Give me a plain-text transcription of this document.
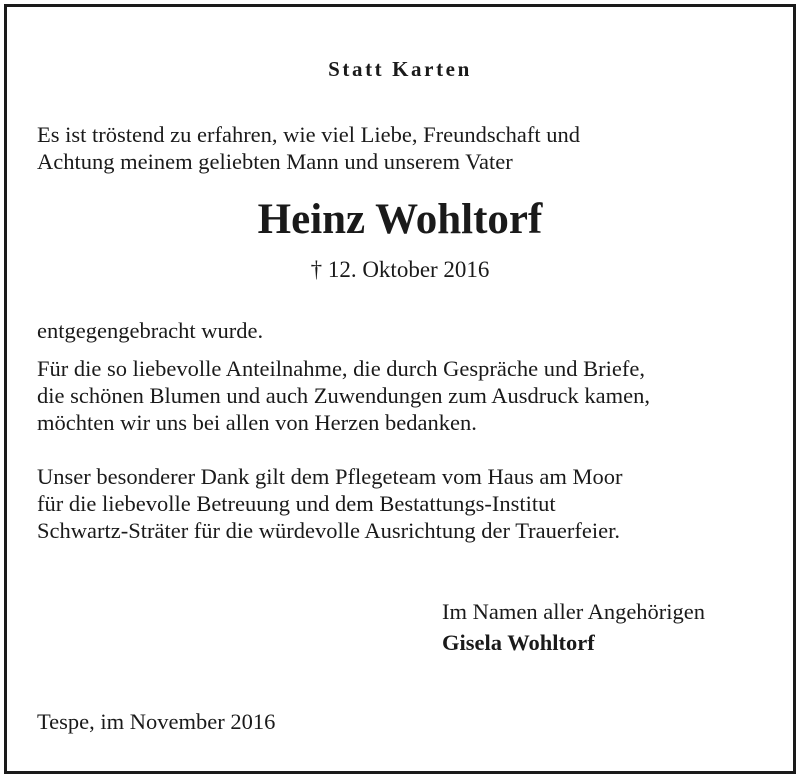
Statt Karten
Es ist tröstend zu erfahren, wie viel Liebe, Freundschaft und
Achtung meinem geliebten Mann und unserem Vater
Heinz Wohltorf
† 12. Oktober 2016
entgegengebracht wurde.
Für die so liebevolle Anteilnahme, die durch Gespräche und Briefe,
die schönen Blumen und auch Zuwendungen zum Ausdruck kamen,
möchten wir uns bei allen von Herzen bedanken.
Unser besonderer Dank gilt dem Pflegeteam vom Haus am Moor
für die liebevolle Betreuung und dem Bestattungs-Institut
Schwartz-Sträter für die würdevolle Ausrichtung der Trauerfeier.
Im Namen aller Angehörigen
Gisela Wohltorf
Tespe, im November 2016
